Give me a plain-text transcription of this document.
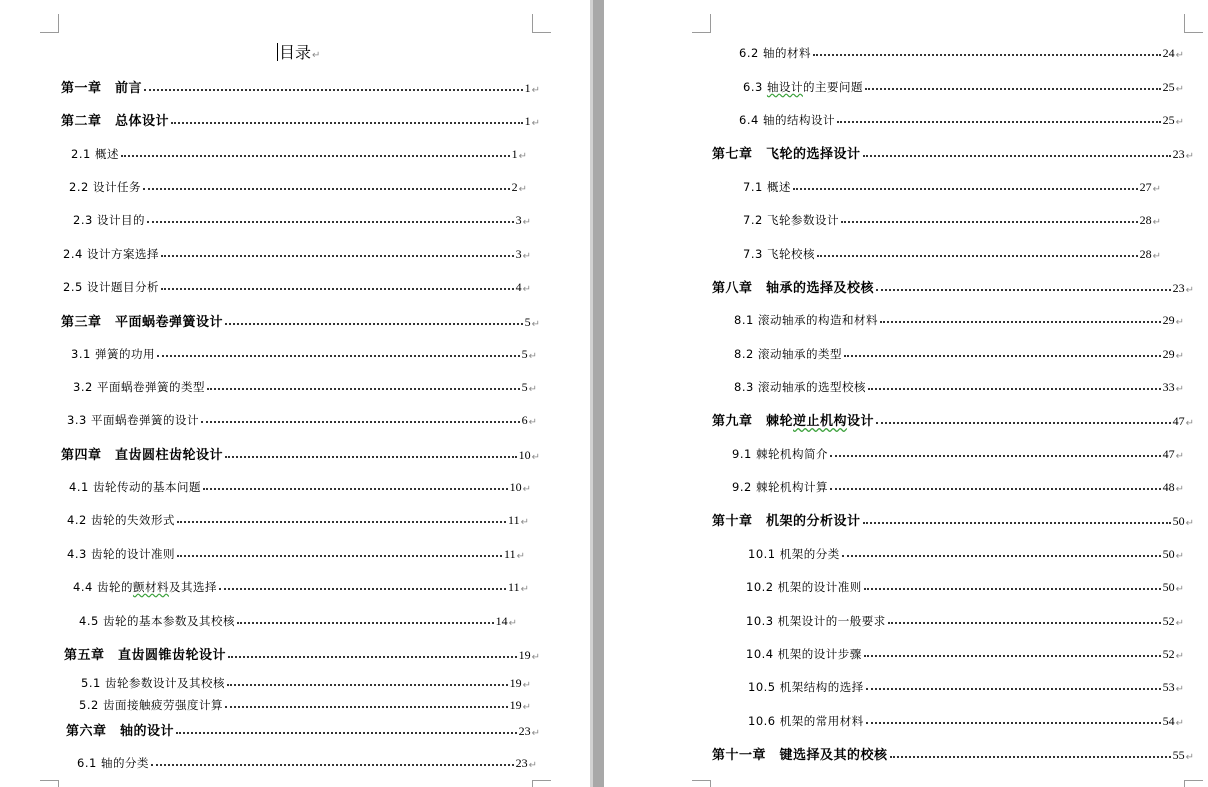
目录↵
第一章　前言	1 ↵
第二章　总体设计	1 ↵
2.1 概述	1 ↵
2.2 设计任务	2 ↵
2.3 设计目的	3 ↵
2.4 设计方案选择	3 ↵
2.5 设计题目分析	4 ↵
第三章　平面蜗卷弹簧设计	5 ↵
3.1 弹簧的功用	5 ↵
3.2 平面蜗卷弹簧的类型	5 ↵
3.3 平面蜗卷弹簧的设计	6 ↵
第四章　直齿圆柱齿轮设计	10 ↵
4.1 齿轮传动的基本问题	10 ↵
4.2 齿轮的失效形式	11 ↵
4.3 齿轮的设计准则	11 ↵
4.4 齿轮的颤材料及其选择	11 ↵
4.5 齿轮的基本参数及其校核	14 ↵
第五章　直齿圆锥齿轮设计	19 ↵
5.1 齿轮参数设计及其校核	19 ↵
5.2 齿面接触疲劳强度计算	19 ↵
第六章　轴的设计	23 ↵
6.1 轴的分类	23 ↵
6.2 轴的材料	24 ↵
6.3 轴设计的主要问题	25 ↵
6.4 轴的结构设计	25 ↵
第七章　飞轮的选择设计	23 ↵
7.1 概述	27 ↵
7.2 飞轮参数设计	28 ↵
7.3 飞轮校核	28 ↵
第八章　轴承的选择及校核	23 ↵
8.1 滚动轴承的构造和材料	29 ↵
8.2 滚动轴承的类型	29 ↵
8.3 滚动轴承的选型校核	33 ↵
第九章　棘轮逆止机构设计	47 ↵
9.1 棘轮机构简介	47 ↵
9.2 棘轮机构计算	48 ↵
第十章　机架的分析设计	50 ↵
10.1 机架的分类	50 ↵
10.2 机架的设计准则	50 ↵
10.3 机架设计的一般要求	52 ↵
10.4 机架的设计步骤	52 ↵
10.5 机架结构的选择	53 ↵
10.6 机架的常用材料	54 ↵
第十一章　键选择及其的校核	55 ↵
